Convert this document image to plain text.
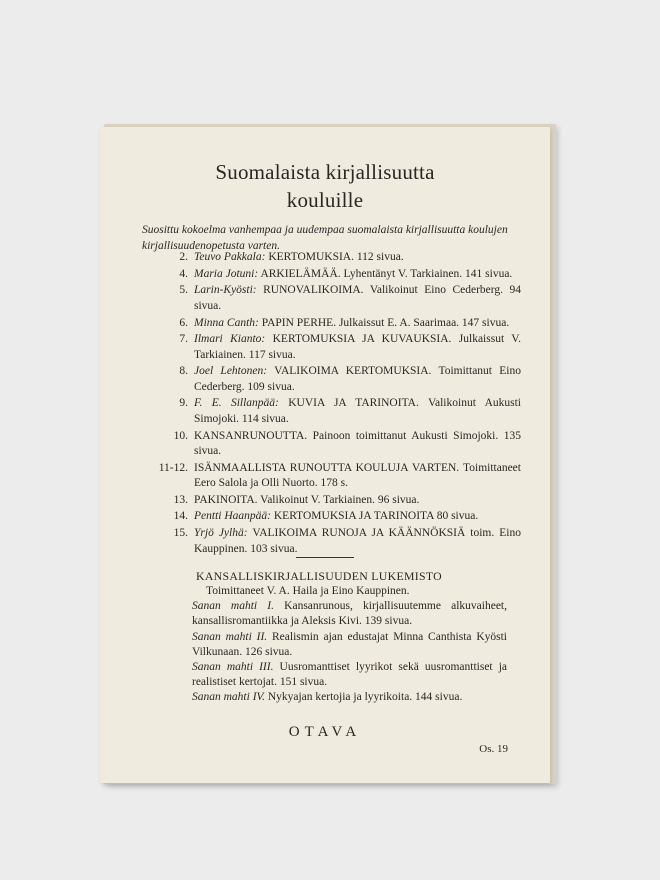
Suomalaista kirjallisuutta
kouluille
Suosittu kokoelma vanhempaa ja uudempaa suomalaista kirjallisuutta koulujen kirjallisuudenopetusta varten.
2. Teuvo Pakkala: KERTOMUKSIA. 112 sivua.
4. Maria Jotuni: ARKIELÄMÄÄ. Lyhentänyt V. Tarkiainen. 141 sivua.
5. Larin-Kyösti: RUNOVALIKOIMA. Valikoinut Eino Cederberg. 94 sivua.
6. Minna Canth: PAPIN PERHE. Julkaissut E. A. Saarimaa. 147 sivua.
7. Ilmari Kianto: KERTOMUKSIA JA KUVAUKSIA. Julkaissut V. Tarkiainen. 117 sivua.
8. Joel Lehtonen: VALIKOIMA KERTOMUKSIA. Toimittanut Eino Cederberg. 109 sivua.
9. F. E. Sillanpää: KUVIA JA TARINOITA. Valikoinut Aukusti Simojoki. 114 sivua.
10. KANSANRUNOUTTA. Painoon toimittanut Aukusti Simojoki. 135 sivua.
11-12. ISÄNMAALLISTA RUNOUTTA KOULUJA VARTEN. Toimittaneet Eero Salola ja Olli Nuorto. 178 s.
13. PAKINOITA. Valikoinut V. Tarkiainen. 96 sivua.
14. Pentti Haanpää: KERTOMUKSIA JA TARINOITA 80 sivua.
15. Yrjö Jylhä: VALIKOIMA RUNOJA JA KÄÄNNÖKSIÄ toim. Eino Kauppinen. 103 sivua.
KANSALLISKIRJALLISUUDEN LUKEMISTO

Toimittaneet V. A. Haila ja Eino Kauppinen.

Sanan mahti I. Kansanrunous, kirjallisuutemme alkuvaiheet, kansallisromantiikka ja Aleksis Kivi. 139 sivua.

Sanan mahti II. Realismin ajan edustajat Minna Canthista Kyösti Vilkunaan. 126 sivua.

Sanan mahti III. Uusromanttiset lyyrikot sekä uusromanttiset ja realistiset kertojat. 151 sivua.

Sanan mahti IV. Nykyajan kertojia ja lyyrikoita. 144 sivua.

OTAVA
Os. 19
